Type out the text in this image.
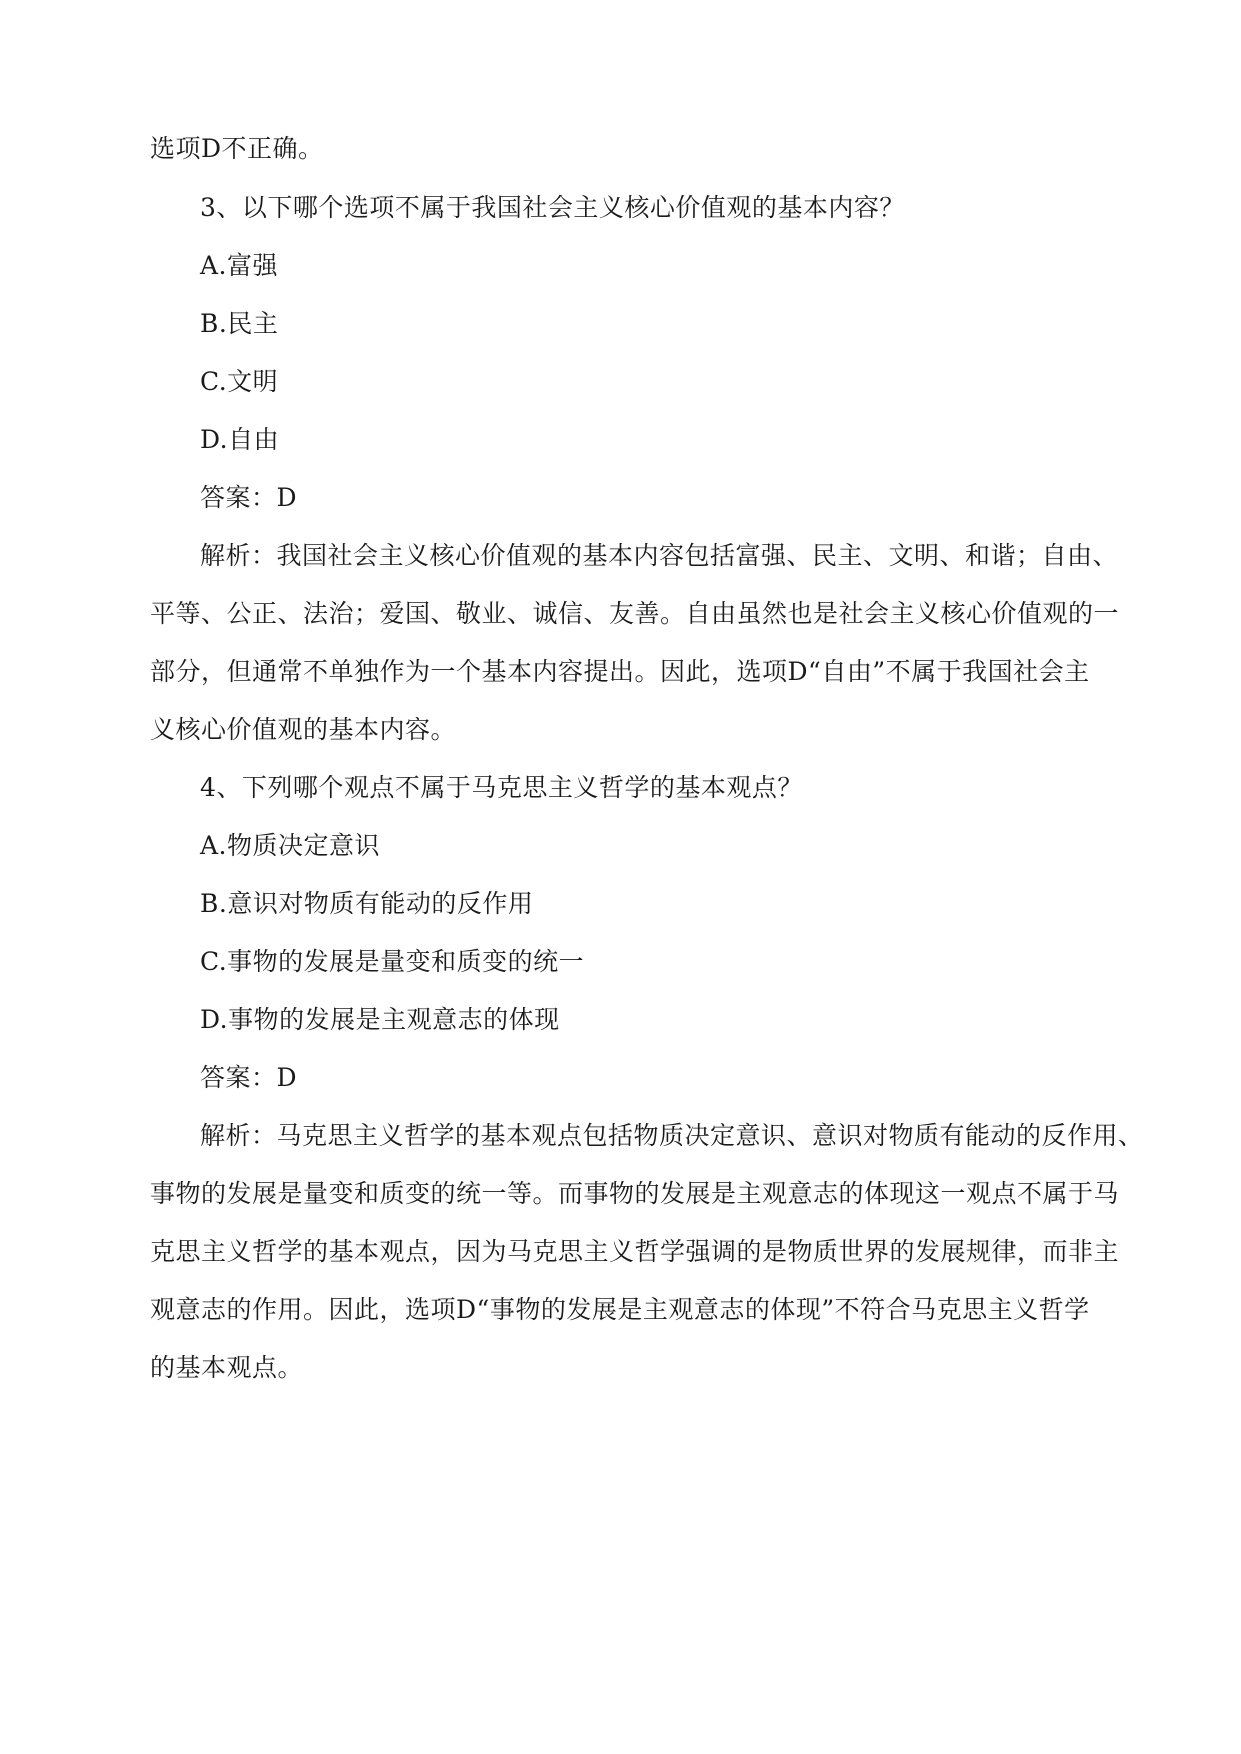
选项D不正确。
3、以下哪个选项不属于我国社会主义核心价值观的基本内容？
A.富强
B.民主
C.文明
D.自由
答案：D
解析：我国社会主义核心价值观的基本内容包括富强、民主、文明、和谐；自由、
平等、公正、法治；爱国、敬业、诚信、友善。自由虽然也是社会主义核心价值观的一
部分，但通常不单独作为一个基本内容提出。因此，选项D“自由”不属于我国社会主
义核心价值观的基本内容。
4、下列哪个观点不属于马克思主义哲学的基本观点？
A.物质决定意识
B.意识对物质有能动的反作用
C.事物的发展是量变和质变的统一
D.事物的发展是主观意志的体现
答案：D
解析：马克思主义哲学的基本观点包括物质决定意识、意识对物质有能动的反作用、
事物的发展是量变和质变的统一等。而事物的发展是主观意志的体现这一观点不属于马
克思主义哲学的基本观点，因为马克思主义哲学强调的是物质世界的发展规律，而非主
观意志的作用。因此，选项D“事物的发展是主观意志的体现”不符合马克思主义哲学
的基本观点。
